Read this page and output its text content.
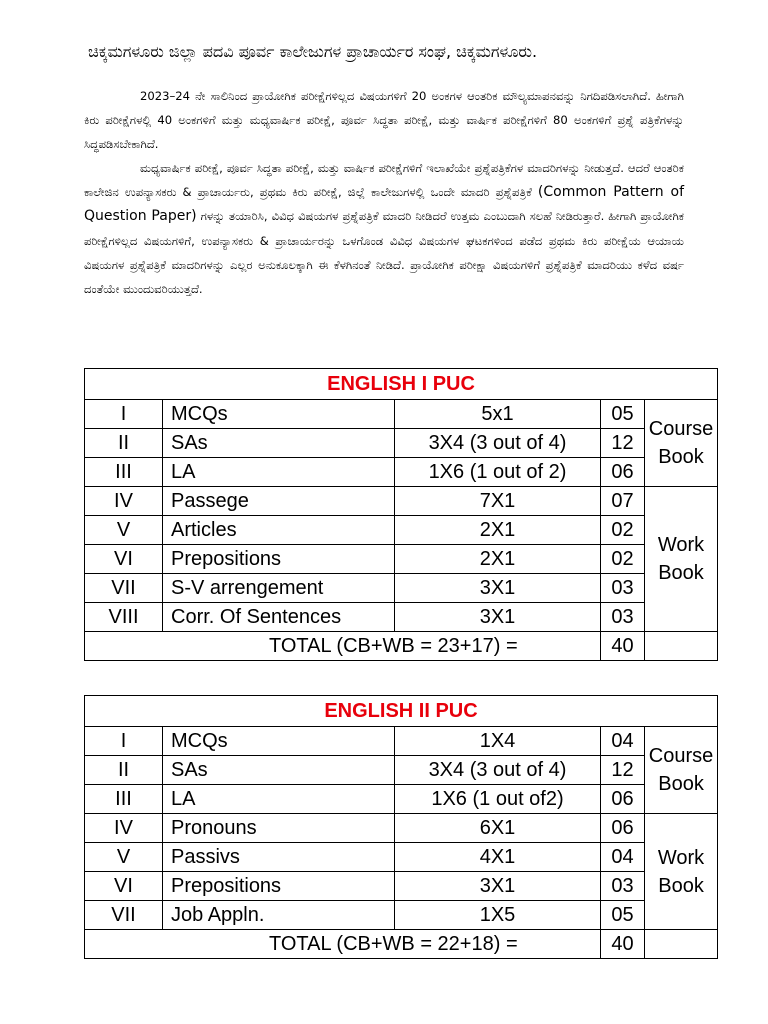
ಚಿಕ್ಕಮಗಳೂರು ಜಿಲ್ಲಾ ಪದವಿ ಪೂರ್ವ ಕಾಲೇಜುಗಳ ಪ್ರಾಚಾರ್ಯರ ಸಂಘ, ಚಿಕ್ಕಮಗಳೂರು.

2023–24 ನೇ ಸಾಲಿನಿಂದ ಪ್ರಾಯೋಗಿಕ ಪರೀಕ್ಷೆಗಳಿಲ್ಲದ ವಿಷಯಗಳಿಗೆ 20 ಅಂಕಗಳ ಆಂತರಿಕ ಮೌಲ್ಯಮಾಪನವನ್ನು ನಿಗದಿಪಡಿಸಲಾಗಿದೆ. ಹೀಗಾಗಿ ಕಿರು ಪರೀಕ್ಷೆಗಳಲ್ಲಿ 40 ಅಂಕಗಳಿಗೆ ಮತ್ತು ಮಧ್ಯವಾರ್ಷಿಕ ಪರೀಕ್ಷೆ, ಪೂರ್ವ ಸಿದ್ಧತಾ ಪರೀಕ್ಷೆ, ಮತ್ತು ವಾರ್ಷಿಕ ಪರೀಕ್ಷೆಗಳಿಗೆ 80 ಅಂಕಗಳಿಗೆ ಪ್ರಶ್ನೆ ಪತ್ರಿಕೆಗಳನ್ನು ಸಿದ್ಧಪಡಿಸಬೇಕಾಗಿದೆ.

ಮಧ್ಯವಾರ್ಷಿಕ ಪರೀಕ್ಷೆ, ಪೂರ್ವ ಸಿದ್ಧತಾ ಪರೀಕ್ಷೆ, ಮತ್ತು ವಾರ್ಷಿಕ ಪರೀಕ್ಷೆಗಳಿಗೆ ಇಲಾಖೆಯೇ ಪ್ರಶ್ನೆಪತ್ರಿಕೆಗಳ ಮಾದರಿಗಳನ್ನು ನೀಡುತ್ತದೆ. ಆದರೆ ಆಂತರಿಕ ಕಾಲೇಜಿನ ಉಪನ್ಯಾಸಕರು & ಪ್ರಾಚಾರ್ಯರು, ಪ್ರಥಮ ಕಿರು ಪರೀಕ್ಷೆ, ಜಿಲ್ಲೆ ಕಾಲೇಜುಗಳಲ್ಲಿ ಒಂದೇ ಮಾದರಿ ಪ್ರಶ್ನೆಪತ್ರಿಕೆ (Common Pattern of Question Paper) ಗಳನ್ನು ತಯಾರಿಸಿ, ವಿವಿಧ ವಿಷಯಗಳ ಪ್ರಶ್ನೆಪತ್ರಿಕೆ ಮಾದರಿ ನೀಡಿದರೆ ಉತ್ತಮ ಎಂಬುದಾಗಿ ಸಲಹೆ ನೀಡಿರುತ್ತಾರೆ. ಹೀಗಾಗಿ ಪ್ರಾಯೋಗಿಕ ಪರೀಕ್ಷೆಗಳಿಲ್ಲದ ವಿಷಯಗಳಿಗೆ, ಉಪನ್ಯಾಸಕರು & ಪ್ರಾಚಾರ್ಯರನ್ನು ಒಳಗೊಂಡ ವಿವಿಧ ವಿಷಯಗಳ ಘಟಕಗಳಿಂದ ಪಡೆದ ಪ್ರಥಮ ಕಿರು ಪರೀಕ್ಷೆಯ ಆಯಾಯ ವಿಷಯಗಳ ಪ್ರಶ್ನೆಪತ್ರಿಕೆ ಮಾದರಿಗಳನ್ನು ಎಲ್ಲರ ಅನುಕೂಲಕ್ಕಾಗಿ ಈ ಕೆಳಗಿನಂತೆ ನೀಡಿದೆ. ಪ್ರಾಯೋಗಿಕ ಪರೀಕ್ಷಾ ವಿಷಯಗಳಿಗೆ ಪ್ರಶ್ನೆಪತ್ರಿಕೆ ಮಾದರಿಯು ಕಳೆದ ವರ್ಷ ದಂತೆಯೇ ಮುಂದುವರಿಯುತ್ತದೆ.

ENGLISH I PUC				
I	MCQs	5x1	05	Course
Book
II	SAs	3X4 (3 out of 4)	12	
III	LA	1X6 (1 out of 2)	06	
IV	Passege	7X1	07	Work
Book
V	Articles	2X1	02	
VI	Prepositions	2X1	02	
VII	S-V arrengement	3X1	03	
VIII	Corr. Of Sentences	3X1	03	
TOTAL (CB+WB = 23+17) =			40	
ENGLISH II PUC				
I	MCQs	1X4	04	Course
Book
II	SAs	3X4 (3 out of 4)	12	
III	LA	1X6 (1 out of2)	06	
IV	Pronouns	6X1	06	Work
Book
V	Passivs	4X1	04	
VI	Prepositions	3X1	03	
VII	Job Appln.	1X5	05	
TOTAL (CB+WB = 22+18) =			40	
